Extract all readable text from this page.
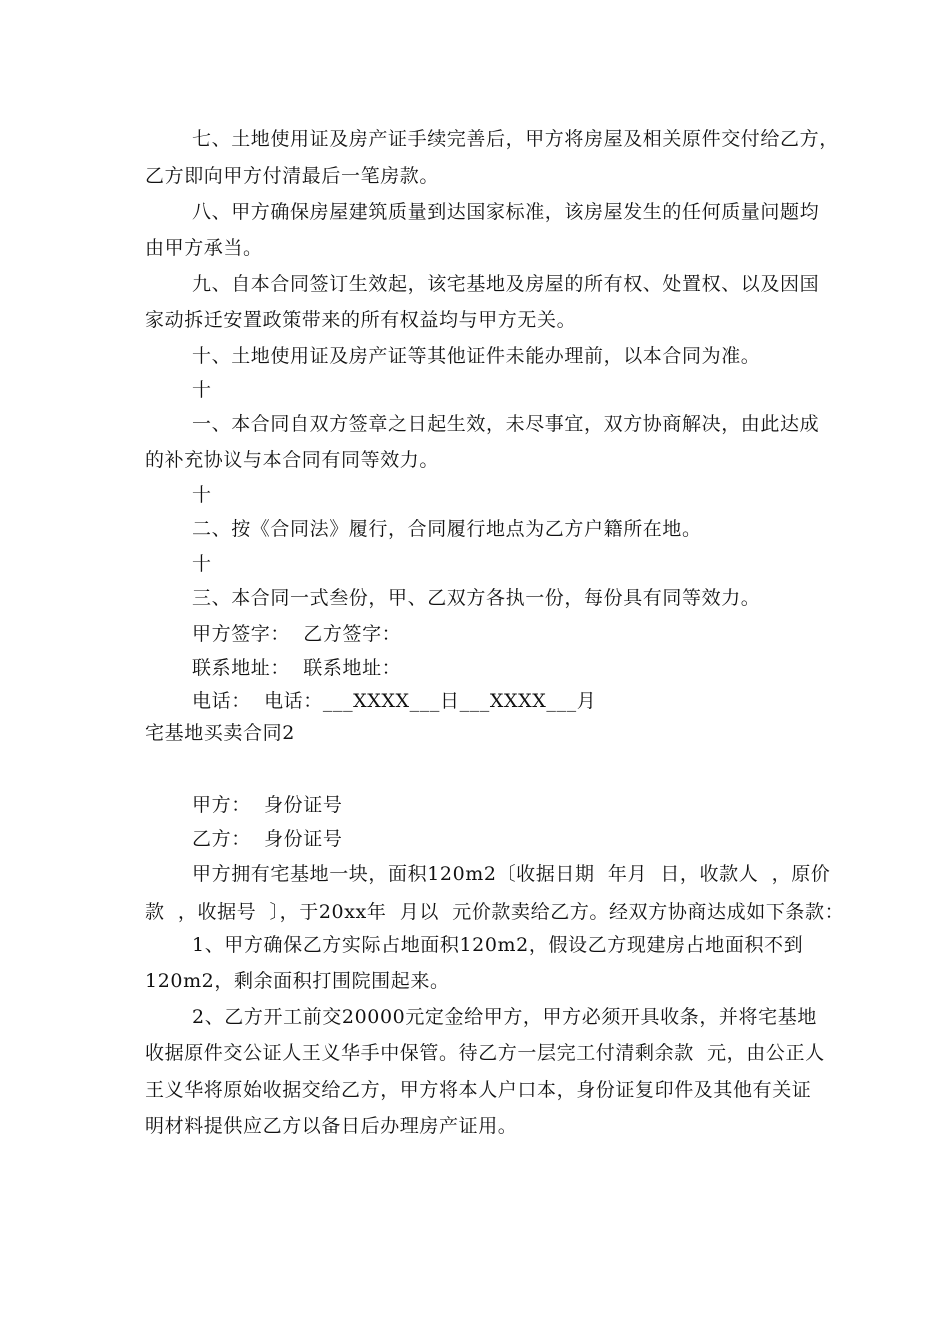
七、土地使用证及房产证手续完善后，甲方将房屋及相关原件交付给乙方，
乙方即向甲方付清最后一笔房款。
八、甲方确保房屋建筑质量到达国家标准，该房屋发生的任何质量问题均
由甲方承当。
九、自本合同签订生效起，该宅基地及房屋的所有权、处置权、以及因国
家动拆迁安置政策带来的所有权益均与甲方无关。
十、土地使用证及房产证等其他证件未能办理前，以本合同为准。
十
一、本合同自双方签章之日起生效，未尽事宜，双方协商解决，由此达成
的补充协议与本合同有同等效力。
十
二、按《合同法》履行，合同履行地点为乙方户籍所在地。
十
三、本合同一式叁份，甲、乙双方各执一份，每份具有同等效力。
甲方签字：  乙方签字：
联系地址：  联系地址：
电话：  电话：___XXXX___日___XXXX___月
宅基地买卖合同2
甲方：  身份证号
乙方：  身份证号
甲方拥有宅基地一块，面积120m2〔收据日期  年月  日，收款人  ，原价
款  ，收据号  〕，于20xx年  月以  元价款卖给乙方。经双方协商达成如下条款：
1、甲方确保乙方实际占地面积120m2，假设乙方现建房占地面积不到
120m2，剩余面积打围院围起来。
2、乙方开工前交20000元定金给甲方，甲方必须开具收条，并将宅基地
收据原件交公证人王义华手中保管。待乙方一层完工付清剩余款  元，由公正人
王义华将原始收据交给乙方，甲方将本人户口本，身份证复印件及其他有关证
明材料提供应乙方以备日后办理房产证用。
